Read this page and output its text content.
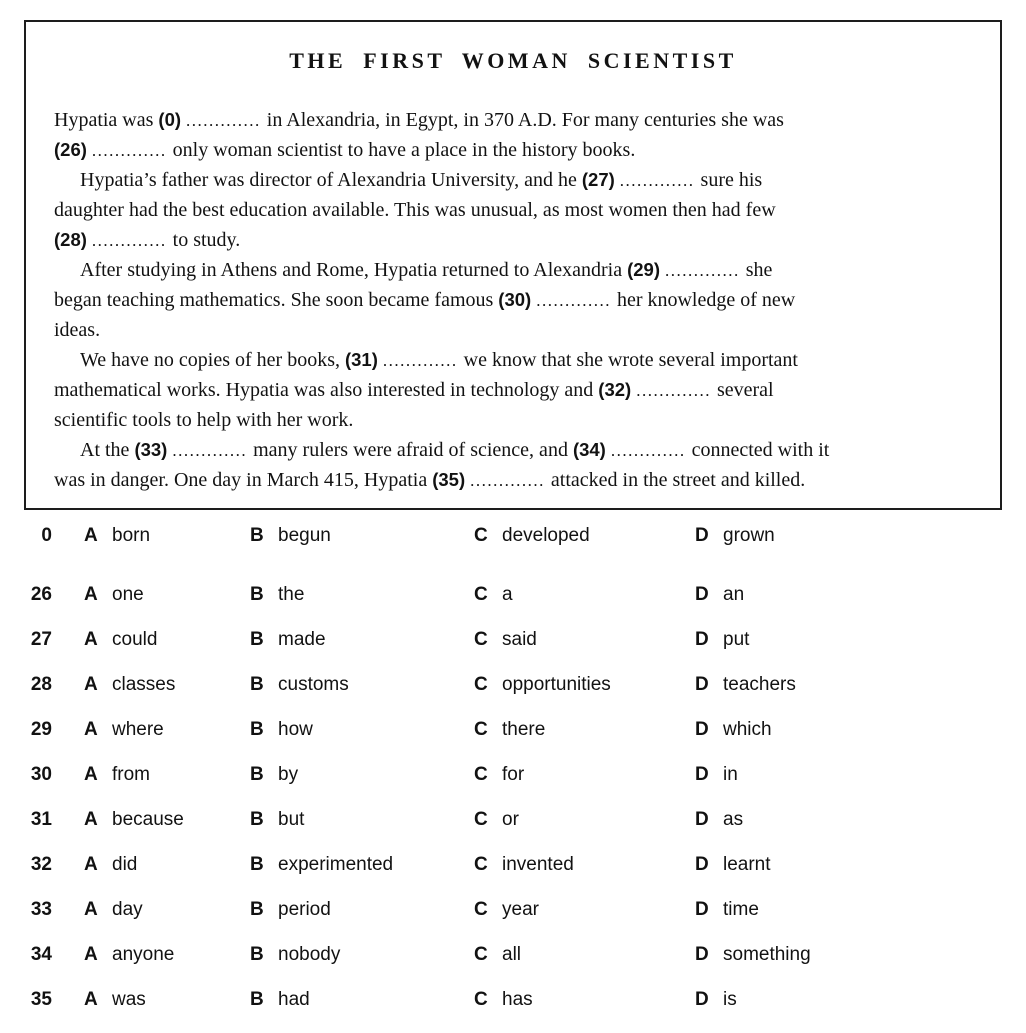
THE FIRST WOMAN SCIENTIST
Hypatia was (0) ............. in Alexandria, in Egypt, in 370 A.D. For many centuries she was
(26) ............. only woman scientist to have a place in the history books.
Hypatia’s father was director of Alexandria University, and he (27) ............. sure his
daughter had the best education available. This was unusual, as most women then had few
(28) ............. to study.
After studying in Athens and Rome, Hypatia returned to Alexandria (29) ............. she
began teaching mathematics. She soon became famous (30) ............. her knowledge of new
ideas.
We have no copies of her books, (31) ............. we know that she wrote several important
mathematical works. Hypatia was also interested in technology and (32) ............. several
scientific tools to help with her work.
At the (33) ............. many rulers were afraid of science, and (34) ............. connected with it
was in danger. One day in March 415, Hypatia (35) ............. attacked in the street and killed.
0 A born	B begun	C developed	D grown
26 A one	B the	C a	D an
27 A could	B made	C said	D put
28 A classes	B customs	C opportunities	D teachers
29 A where	B how	C there	D which
30 A from	B by	C for	D in
31 A because	B but	C or	D as
32 A did	B experimented	C invented	D learnt
33 A day	B period	C year	D time
34 A anyone	B nobody	C all	D something
35 A was	B had	C has	D is
